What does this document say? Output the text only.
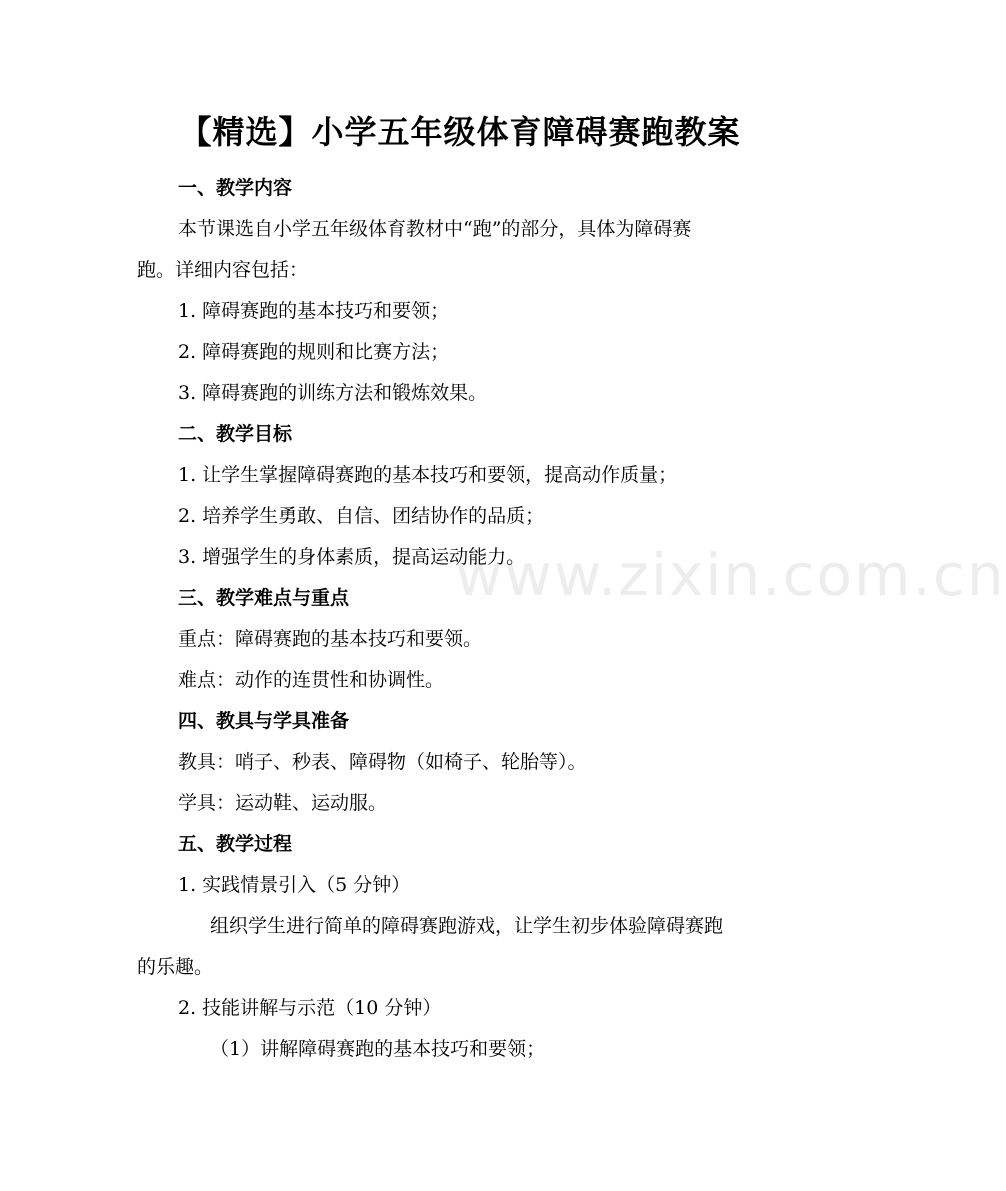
www.zixin.com.cn
【精选】小学五年级体育障碍赛跑教案
一、教学内容
本节课选自小学五年级体育教材中“跑”的部分，具体为障碍赛
跑。详细内容包括：
1. 障碍赛跑的基本技巧和要领；
2. 障碍赛跑的规则和比赛方法；
3. 障碍赛跑的训练方法和锻炼效果。
二、教学目标
1. 让学生掌握障碍赛跑的基本技巧和要领，提高动作质量；
2. 培养学生勇敢、自信、团结协作的品质；
3. 增强学生的身体素质，提高运动能力。
三、教学难点与重点
重点：障碍赛跑的基本技巧和要领。
难点：动作的连贯性和协调性。
四、教具与学具准备
教具：哨子、秒表、障碍物（如椅子、轮胎等）。
学具：运动鞋、运动服。
五、教学过程
1. 实践情景引入（5 分钟）
组织学生进行简单的障碍赛跑游戏，让学生初步体验障碍赛跑
的乐趣。
2. 技能讲解与示范（10 分钟）
（1）讲解障碍赛跑的基本技巧和要领；
